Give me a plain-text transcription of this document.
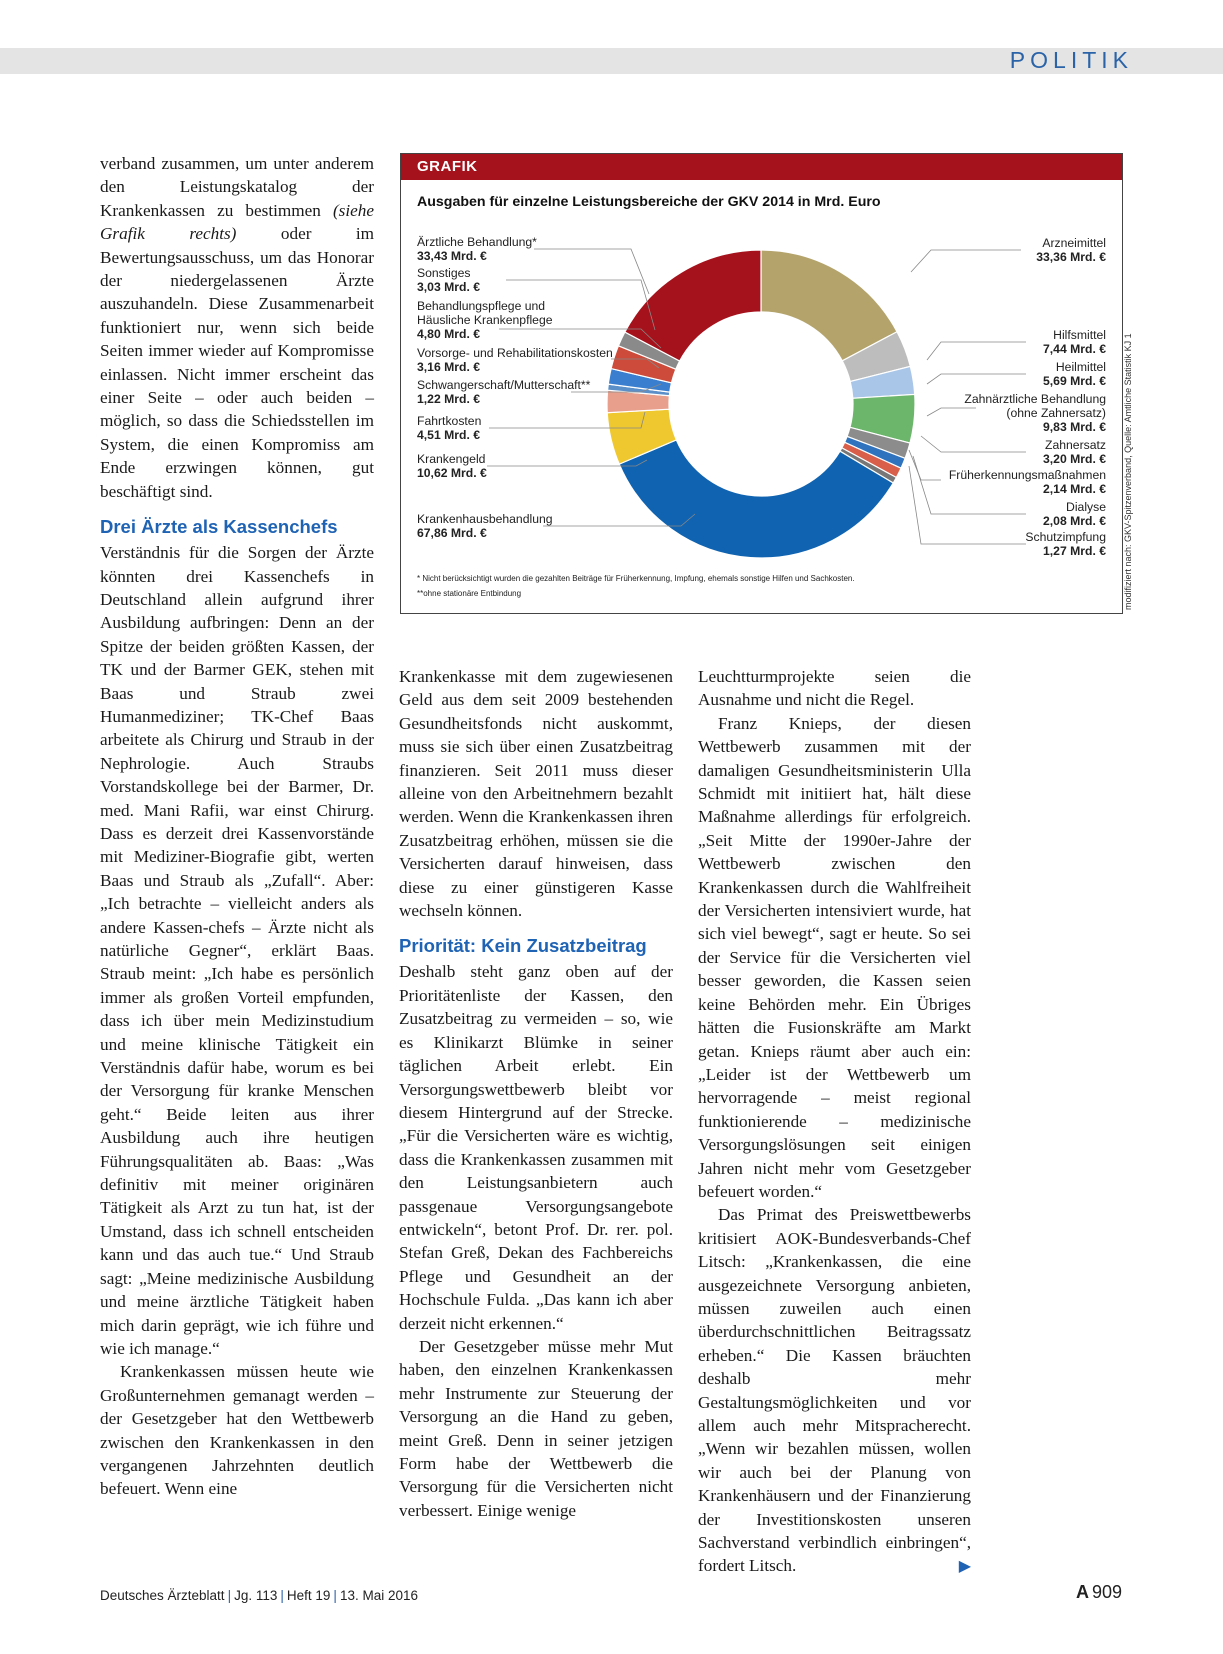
POLITIK

verband zusammen, um unter anderem den Leistungskatalog der Krankenkassen zu bestimmen (siehe Grafik rechts)	oder im Bewertungsausschuss, um das Honorar der niedergelassenen Ärzte auszuhandeln. Diese Zusammenarbeit funktioniert nur, wenn sich beide Seiten immer wieder auf Kompromisse einlassen. Nicht immer erscheint das einer Seite – oder auch beiden – möglich, so dass die Schiedsstellen im System, die einen Kompromiss am Ende erzwingen können, gut beschäftigt sind.

Drei Ärzte als Kassenchefs

Verständnis für die Sorgen der Ärzte könnten drei Kassenchefs in Deutschland allein aufgrund ihrer Ausbildung aufbringen: Denn an der Spitze der beiden größten Kassen, der TK und der Barmer GEK, stehen mit Baas und Straub zwei Humanmediziner; TK-Chef Baas arbeitete als Chirurg und Straub in der Nephrologie. Auch Straubs Vorstandskollege bei der Barmer, Dr. med. Mani Rafii, war einst Chirurg. Dass es derzeit drei Kassenvorstände mit Mediziner-Biografie gibt, werten Baas und Straub als „Zufall“. Aber: „Ich betrachte – vielleicht anders als andere Kassen-chefs – Ärzte nicht als natürliche Gegner“, erklärt Baas. Straub meint: „Ich habe es persönlich immer als großen Vorteil empfunden, dass ich über mein Medizinstudium und meine klinische Tätigkeit ein Verständnis dafür habe, worum es bei der Versorgung für kranke Menschen geht.“ Beide leiten aus ihrer Ausbildung auch ihre heutigen Führungsqualitäten ab. Baas: „Was definitiv mit meiner originären Tätigkeit als Arzt zu tun hat, ist der Umstand, dass ich schnell entscheiden kann und das auch tue.“ Und Straub sagt: „Meine medizinische Ausbildung und meine ärztliche Tätigkeit haben mich darin geprägt, wie ich führe und wie ich manage.“

Krankenkassen müssen heute wie Großunternehmen gemanagt werden – der Gesetzgeber hat den Wettbewerb zwischen den Krankenkassen in den vergangenen Jahrzehnten deutlich befeuert. Wenn eine

GRAFIK
Ausgaben für einzelne Leistungsbereiche der GKV 2014 in Mrd. Euro
Ärztliche Behandlung*
33,43 Mrd. €
Sonstiges
3,03 Mrd. €
Behandlungspflege und
Häusliche Krankenpflege
4,80 Mrd. €
Vorsorge- und Rehabilitationskosten
3,16 Mrd. €
Schwangerschaft/Mutterschaft**
1,22 Mrd. €
Fahrtkosten
4,51 Mrd. €
Krankengeld
10,62 Mrd. €
Krankenhausbehandlung
67,86 Mrd. €
Arzneimittel
33,36 Mrd. €
Hilfsmittel
7,44 Mrd. €
Heilmittel
5,69 Mrd. €
Zahnärztliche Behandlung
(ohne Zahnersatz)
9,83 Mrd. €
Zahnersatz
3,20 Mrd. €
Früherkennungsmaßnahmen
2,14 Mrd. €
Dialyse
2,08 Mrd. €
Schutzimpfung
1,27 Mrd. €
* Nicht berücksichtigt wurden die gezahlten Beiträge für Früherkennung, Impfung, ehemals sonstige Hilfen und Sachkosten.
**ohne stationäre Entbindung	modifiziert nach: GKV-Spitzenverband, Quelle: Amtliche Statistik KJ 1

Krankenkasse mit dem zugewiesenen Geld aus dem seit 2009 bestehenden Gesundheitsfonds nicht auskommt, muss sie sich über einen Zusatzbeitrag finanzieren. Seit 2011 muss dieser alleine von den Arbeitnehmern bezahlt werden. Wenn die Krankenkassen ihren Zusatzbeitrag erhöhen, müssen sie die Versicherten darauf hinweisen, dass diese zu einer günstigeren Kasse wechseln können.

Priorität: Kein Zusatzbeitrag

Deshalb steht ganz oben auf der Prioritätenliste der Kassen, den Zusatzbeitrag zu vermeiden – so, wie es Klinikarzt Blümke in seiner täglichen Arbeit erlebt. Ein Versorgungswettbewerb bleibt vor diesem Hintergrund auf der Strecke. „Für die Versicherten wäre es wichtig, dass die Krankenkassen zusammen mit den Leistungsanbietern auch passgenaue Versorgungsangebote entwickeln“, betont Prof. Dr. rer. pol. Stefan Greß, Dekan des Fachbereichs Pflege und Gesundheit an der Hochschule Fulda. „Das kann ich aber derzeit nicht erkennen.“

Der Gesetzgeber müsse mehr Mut haben, den einzelnen Krankenkassen mehr Instrumente zur Steuerung der Versorgung an die Hand zu geben, meint Greß. Denn in seiner jetzigen Form habe der Wettbewerb die Versorgung für die Versicherten nicht verbessert. Einige wenige

Leuchtturmprojekte seien die Ausnahme und nicht die Regel.

Franz Knieps, der diesen Wettbewerb zusammen mit der damaligen Gesundheitsministerin Ulla Schmidt mit initiiert hat, hält diese Maßnahme allerdings für erfolgreich. „Seit Mitte der 1990er-Jahre der Wettbewerb zwischen den Krankenkassen durch die Wahlfreiheit der Versicherten intensiviert wurde, hat sich viel bewegt“, sagt er heute. So sei der Service für die Versicherten viel besser geworden, die Kassen seien keine Behörden mehr. Ein Übriges hätten die Fusionskräfte am Markt getan. Knieps räumt aber auch ein: „Leider ist der Wettbewerb um hervorragende – meist regional funktionierende – medizinische Versorgungslösungen seit einigen Jahren nicht mehr vom Gesetzgeber befeuert worden.“

Das Primat des Preiswettbewerbs kritisiert AOK-Bundesverbands-Chef Litsch: „Krankenkassen, die eine ausgezeichnete Versorgung anbieten, müssen zuweilen auch einen überdurchschnittlichen Beitragssatz erheben.“ Die Kassen bräuchten deshalb mehr Gestaltungsmöglichkeiten und vor allem auch mehr Mitspracherecht. „Wenn wir bezahlen müssen, wollen wir auch bei der Planung von Krankenhäusern und der Finanzierung der Investitionskosten unseren Sachverstand verbindlich einbringen“, fordert Litsch.	▶

Deutsches Ärzteblatt | Jg. 113 | Heft 19 | 13. Mai 2016	A 909
